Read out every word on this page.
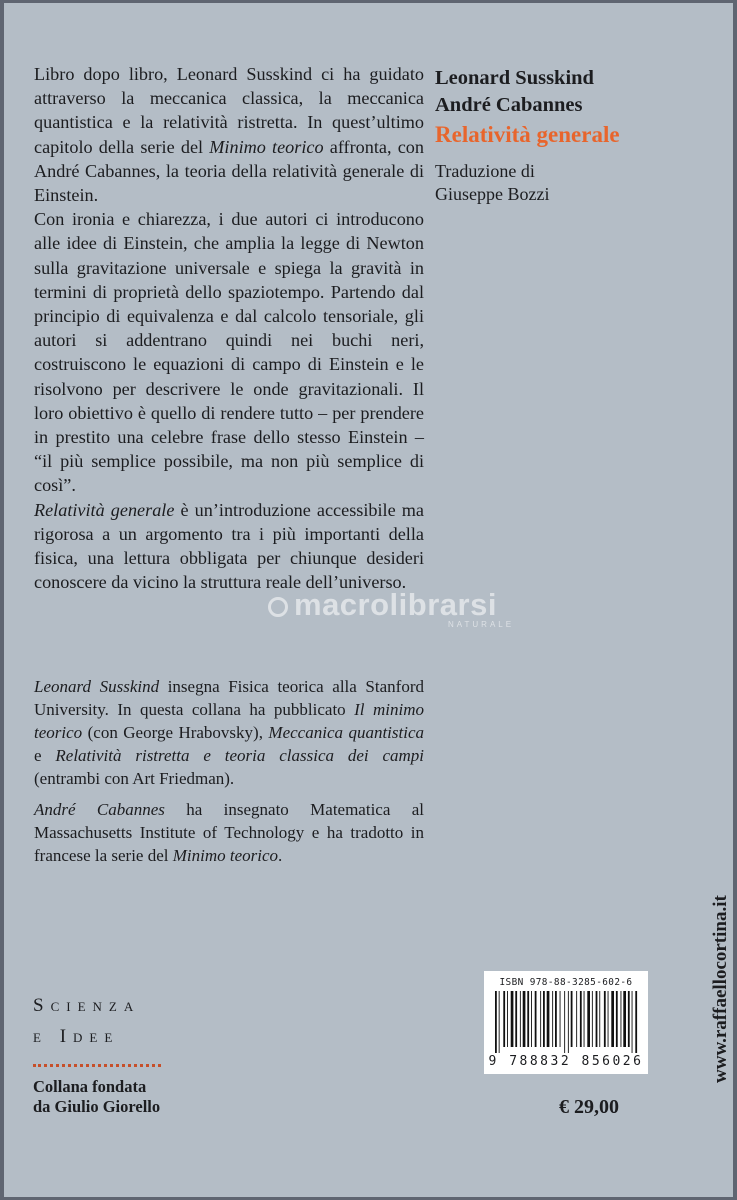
Libro dopo libro, Leonard Susskind ci ha guidato attraverso la meccanica classica, la meccanica quantistica e la relatività ristretta. In quest’ultimo capitolo della serie del Minimo teorico affronta, con André Cabannes, la teoria della relatività generale di Einstein.

Con ironia e chiarezza, i due autori ci introducono alle idee di Einstein, che amplia la legge di Newton sulla gravitazione universale e spiega la gravità in termini di proprietà dello spaziotempo. Partendo dal principio di equivalenza e dal calcolo tensoriale, gli autori si addentrano quindi nei buchi neri, costruiscono le equazioni di campo di Einstein e le risolvono per descrivere le onde gravitazionali. Il loro obiettivo è quello di rendere tutto – per prendere in prestito una celebre frase dello stesso Einstein – “il più semplice possibile, ma non più semplice di così”.

Relatività generale è un’introduzione accessibile ma rigorosa a un argomento tra i più importanti della fisica, una lettura obbligata per chiunque desideri conoscere da vicino la struttura reale dell’universo.

Leonard Susskind insegna Fisica teorica alla Stanford University. In questa collana ha pubblicato Il minimo teorico (con George Hrabovsky), Meccanica quantistica e Relatività ristretta e teoria classica dei campi (entrambi con Art Friedman).

André Cabannes ha insegnato Matematica al Massachusetts Institute of Technology e ha tradotto in francese la serie del Minimo teorico.

Leonard Susskind
André Cabannes
Relatività generale
Traduzione di
Giuseppe Bozzi
macrolibrarsi
NATURALE
Scienza
e Idee
Collana fondata
da Giulio Giorello
ISBN 978-88-3285-602-6
9 788832 856026
€ 29,00
www.raffaellocortina.it
